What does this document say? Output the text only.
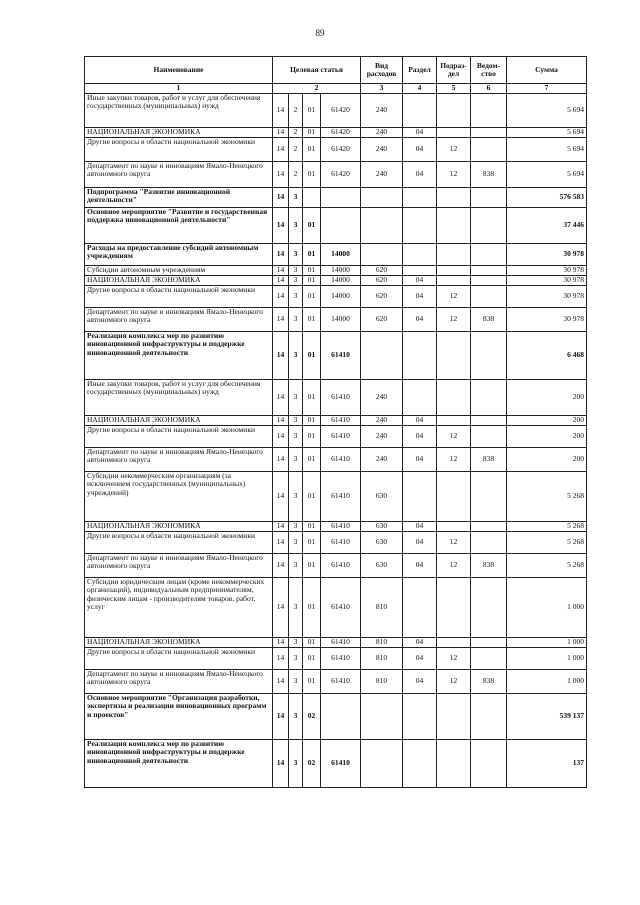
89
Наименование	Целевая статья				Вид расходов	Раздел	Подраз-дел	Ведом-ство	Сумма
1	2				3	4	5	6	7
Иные закупки товаров, работ и услуг для обеспечения государственных (муниципальных) нужд	14	2	01	61420	240				5 694
НАЦИОНАЛЬНАЯ ЭКОНОМИКА	14	2	01	61420	240	04			5 694
Другие вопросы в области национальной экономики	14	2	01	61420	240	04	12		5 694
Департамент по науке и инновациям Ямало-Ненецкого автономного округа	14	2	01	61420	240	04	12	838	5 694
Подпрограмма "Развитие инновационной деятельности"	14	3							576 583
Основное мероприятие "Развитие и государственная поддержка инновационной деятельности"	14	3	01						37 446
Расходы на предоставление субсидий автономным учреждениям	14	3	01	14000					30 978
Субсидии автономным учреждениям	14	3	01	14000	620				30 978
НАЦИОНАЛЬНАЯ ЭКОНОМИКА	14	3	01	14000	620	04			30 978
Другие вопросы в области национальной экономики	14	3	01	14000	620	04	12		30 978
Департамент по науке и инновациям Ямало-Ненецкого автономного округа	14	3	01	14000	620	04	12	838	30 978
Реализация комплекса мер по развитию инновационной инфраструктуры и поддержке инновационной деятельности	14	3	01	61410					6 468
Иные закупки товаров, работ и услуг для обеспечения государственных (муниципальных) нужд	14	3	01	61410	240				200
НАЦИОНАЛЬНАЯ ЭКОНОМИКА	14	3	01	61410	240	04			200
Другие вопросы в области национальной экономики	14	3	01	61410	240	04	12		200
Департамент по науке и инновациям Ямало-Ненецкого автономного округа	14	3	01	61410	240	04	12	838	200
Субсидии некоммерческим организациям (за исключением государственных (муниципальных) учреждений)	14	3	01	61410	630				5 268
НАЦИОНАЛЬНАЯ ЭКОНОМИКА	14	3	01	61410	630	04			5 268
Другие вопросы в области национальной экономики	14	3	01	61410	630	04	12		5 268
Департамент по науке и инновациям Ямало-Ненецкого автономного округа	14	3	01	61410	630	04	12	838	5 268
Субсидии юридическим лицам (кроме некоммерческих организаций), индивидуальным предпринимателям, физическим лицам - производителям товаров, работ, услуг	14	3	01	61410	810				1 000
НАЦИОНАЛЬНАЯ ЭКОНОМИКА	14	3	01	61410	810	04			1 000
Другие вопросы в области национальной экономики	14	3	01	61410	810	04	12		1 000
Департамент по науке и инновациям Ямало-Ненецкого автономного округа	14	3	01	61410	810	04	12	838	1 000
Основное мероприятие "Организация разработки, экспертизы и реализации инновационных программ и проектов"	14	3	02						539 137
Реализация комплекса мер по развитию инновационной инфраструктуры и поддержке инновационной деятельности	14	3	02	61410					137
